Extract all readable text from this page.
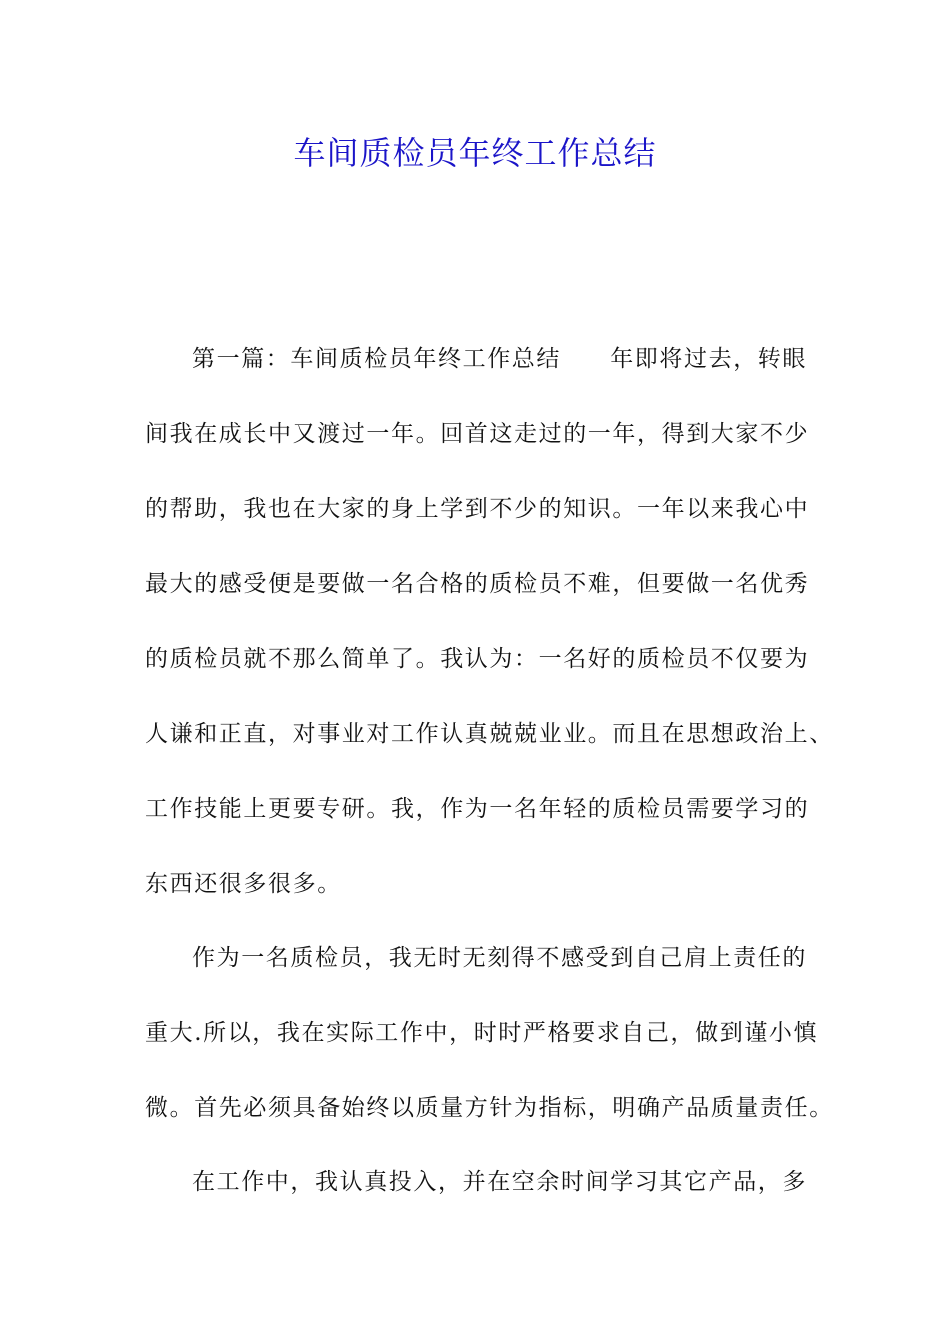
车间质检员年终工作总结
第一篇：车间质检员年终工作总结　　年即将过去，转眼
间我在成长中又渡过一年。回首这走过的一年，得到大家不少
的帮助，我也在大家的身上学到不少的知识。一年以来我心中
最大的感受便是要做一名合格的质检员不难，但要做一名优秀
的质检员就不那么简单了。我认为：一名好的质检员不仅要为
人谦和正直，对事业对工作认真兢兢业业。而且在思想政治上、
工作技能上更要专研。我，作为一名年轻的质检员需要学习的
东西还很多很多。
作为一名质检员，我无时无刻得不感受到自己肩上责任的
重大.所以，我在实际工作中，时时严格要求自己，做到谨小慎
微。首先必须具备始终以质量方针为指标，明确产品质量责任。
在工作中，我认真投入，并在空余时间学习其它产品，多
